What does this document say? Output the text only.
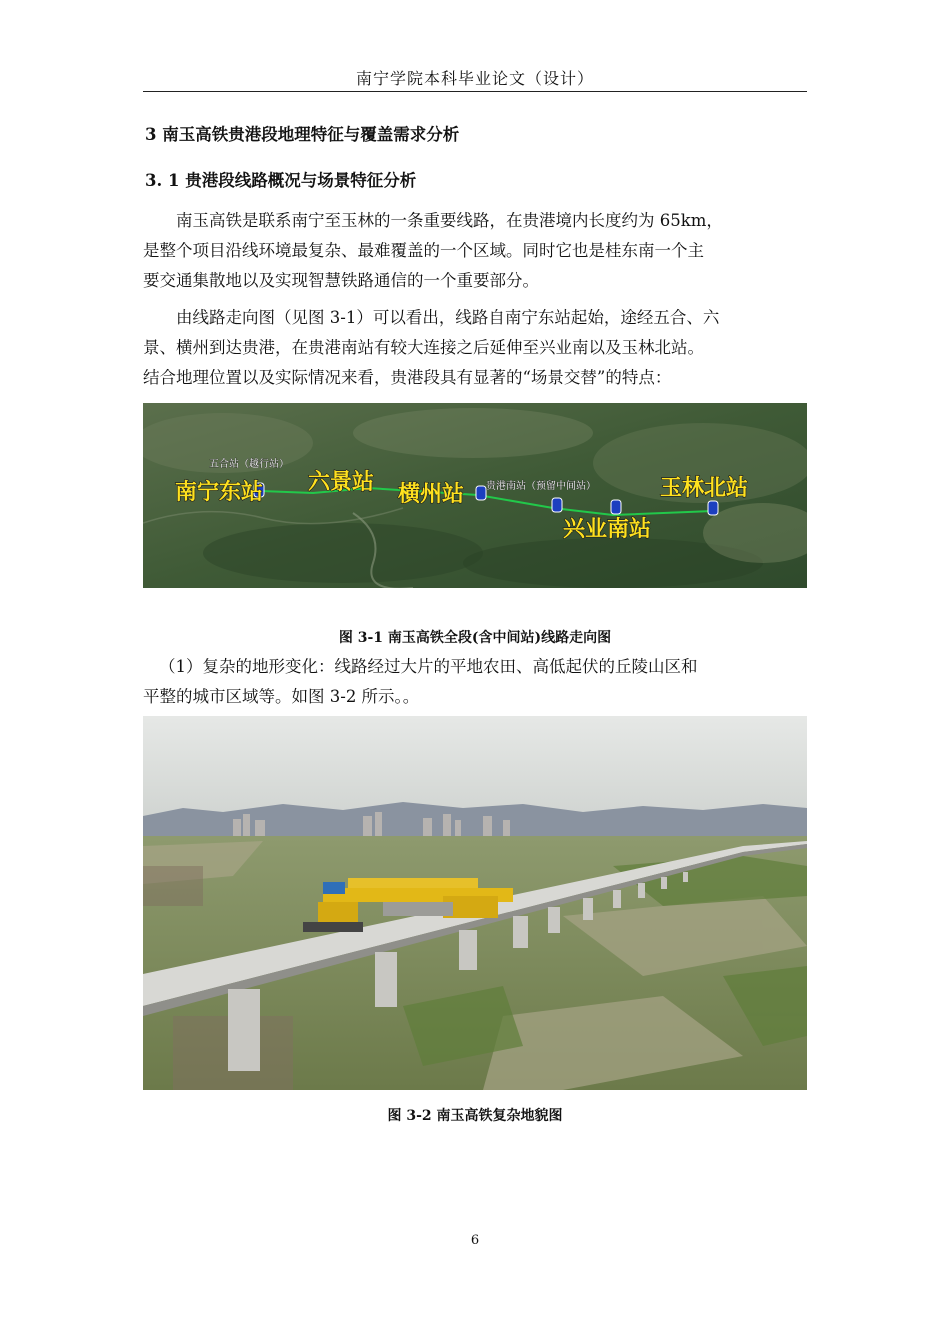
南宁学院本科毕业论文（设计）
3 南玉高铁贵港段地理特征与覆盖需求分析
3. 1 贵港段线路概况与场景特征分析
南玉高铁是联系南宁至玉林的一条重要线路，在贵港境内长度约为 65km，
是整个项目沿线环境最复杂、最难覆盖的一个区域。同时它也是桂东南一个主
要交通集散地以及实现智慧铁路通信的一个重要部分。
由线路走向图（见图 3-1）可以看出，线路自南宁东站起始，途经五合、六
景、横州到达贵港，在贵港南站有较大连接之后延伸至兴业南以及玉林北站。
结合地理位置以及实际情况来看，贵港段具有显著的“场景交替”的特点：
五合站（越行站）
南宁东站 六景站 横州站 贵港南站（预留中间站）
兴业南站
玉林北站
图 3-1 南玉高铁全段(含中间站)线路走向图
（1）复杂的地形变化：线路经过大片的平地农田、高低起伏的丘陵山区和
平整的城市区域等。如图 3-2 所示。。
图 3-2 南玉高铁复杂地貌图
6
